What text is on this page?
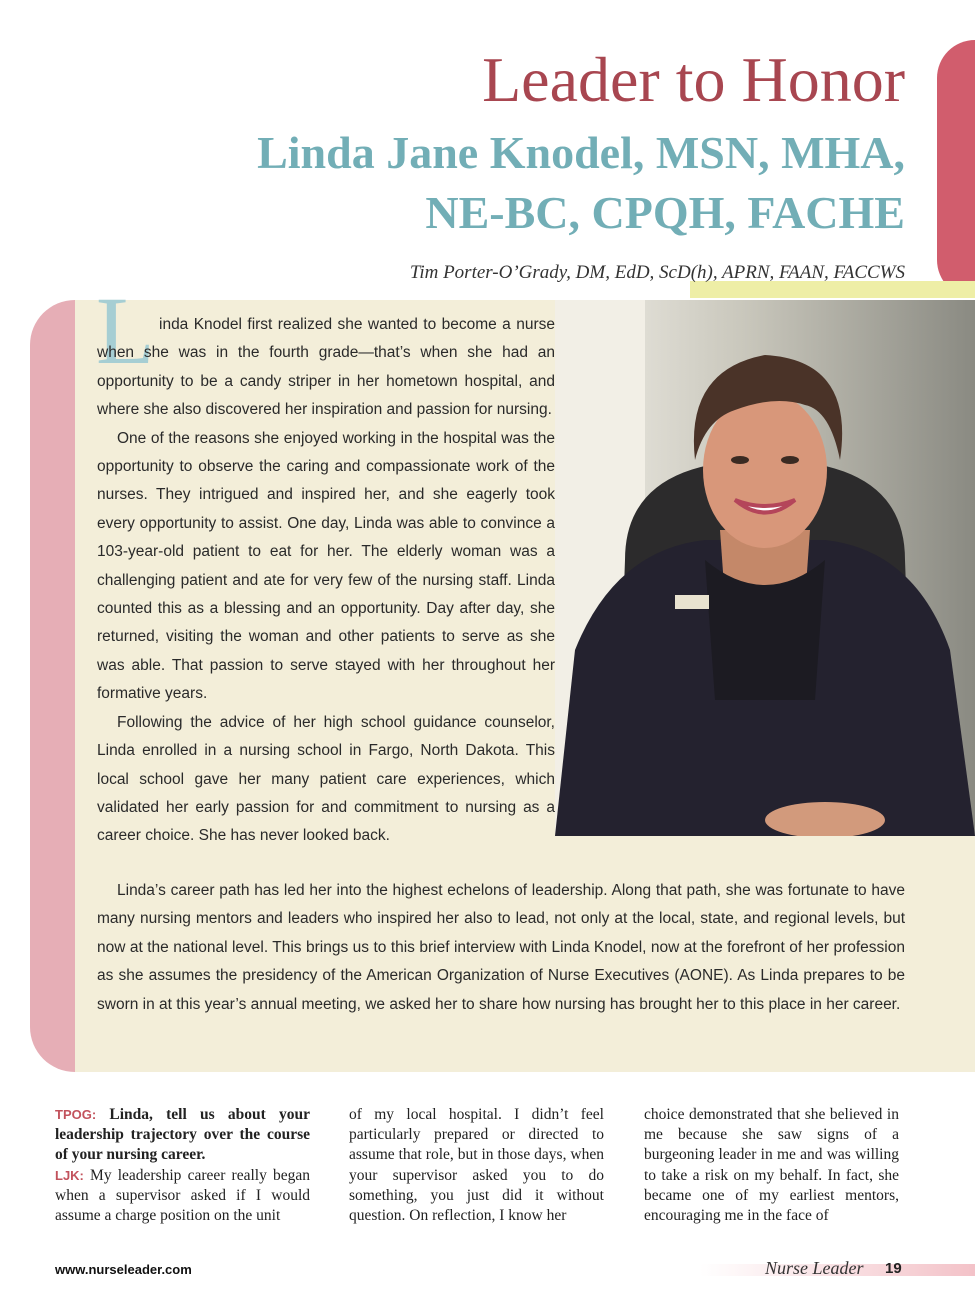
Leader to Honor
Linda Jane Knodel, MSN, MHA,
NE-BC, CPQH, FACHE
Tim Porter-O’Grady, DM, EdD, ScD(h), APRN, FAAN, FACCWS
L inda Knodel first realized she wanted to become a nurse when she was in the fourth grade—that’s when she had an opportunity to be a candy striper in her hometown hospital, and where she also discovered her inspiration and passion for nursing.

One of the reasons she enjoyed working in the hospital was the opportunity to observe the caring and compassionate work of the nurses. They intrigued and inspired her, and she eagerly took every opportunity to assist. One day, Linda was able to convince a 103-year-old patient to eat for her. The elderly woman was a challenging patient and ate for very few of the nursing staff. Linda counted this as a blessing and an opportunity. Day after day, she returned, visiting the woman and other patients to serve as she was able. That passion to serve stayed with her throughout her formative years.

Following the advice of her high school guidance counselor, Linda enrolled in a nursing school in Fargo, North Dakota. This local school gave her many patient care experiences, which validated her early passion for and commitment to nursing as a career choice. She has never looked back.

Linda’s career path has led her into the highest echelons of leadership. Along that path, she was fortunate to have many nursing mentors and leaders who inspired her also to lead, not only at the local, state, and regional levels, but now at the national level. This brings us to this brief interview with Linda Knodel, now at the forefront of her profession as she assumes the presidency of the American Organization of Nurse Executives (AONE). As Linda prepares to be sworn in at this year’s annual meeting, we asked her to share how nursing has brought her to this place in her career.

TPOG: Linda, tell us about your leadership trajectory over the course of your nursing career.

LJK: My leadership career really began when a supervisor asked if I would assume a charge position on the unit

of my local hospital. I didn’t feel particularly prepared or directed to assume that role, but in those days, when your supervisor asked you to do something, you just did it without question. On reflection, I know her

choice demonstrated that she believed in me because she saw signs of a burgeoning leader in me and was willing to take a risk on my behalf. In fact, she became one of my earliest mentors, encouraging me in the face of

www.nurseleader.com	Nurse Leader 19
